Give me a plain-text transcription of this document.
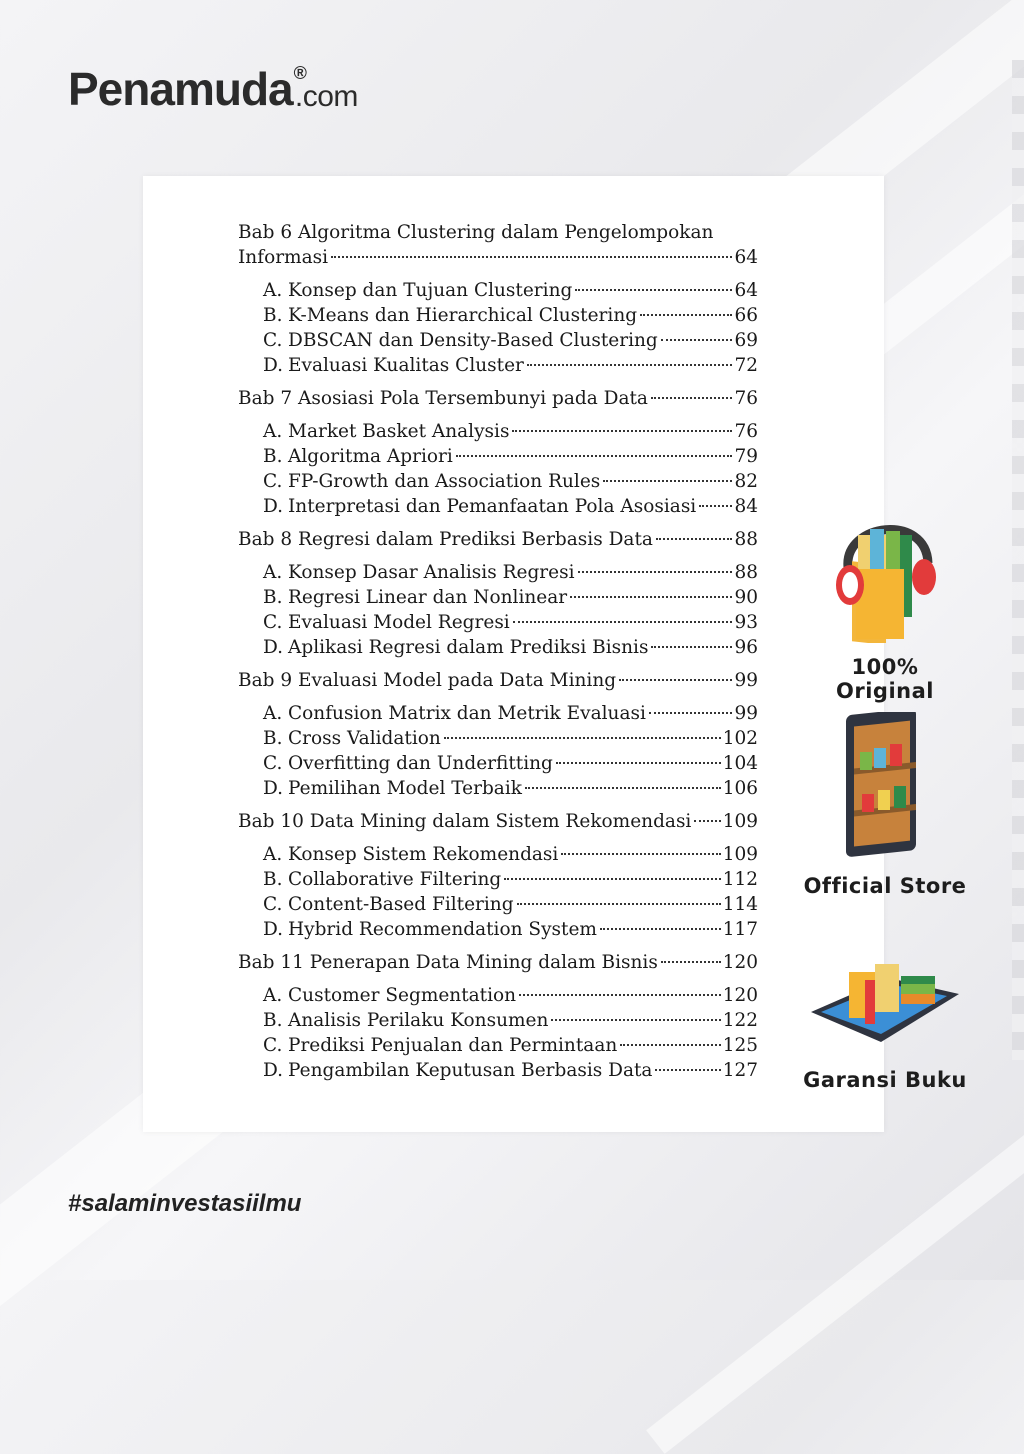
Penamuda ®
.com
Bab 6 Algoritma Clustering dalam Pengelompokan
Informasi	64
A. Konsep dan Tujuan Clustering	64
B. K-Means dan Hierarchical Clustering	66
C. DBSCAN dan Density-Based Clustering	69
D. Evaluasi Kualitas Cluster	72
Bab 7 Asosiasi Pola Tersembunyi pada Data	76
A. Market Basket Analysis	76
B. Algoritma Apriori	79
C. FP-Growth dan Association Rules	82
D. Interpretasi dan Pemanfaatan Pola Asosiasi 84
Bab 8 Regresi dalam Prediksi Berbasis Data	88
A. Konsep Dasar Analisis Regresi	88
B. Regresi Linear dan Nonlinear	90
C. Evaluasi Model Regresi	93
D. Aplikasi Regresi dalam Prediksi Bisnis	96
Bab 9 Evaluasi Model pada Data Mining	99
A. Confusion Matrix dan Metrik Evaluasi	99
B. Cross Validation	102
C. Overfitting dan Underfitting	104
D. Pemilihan Model Terbaik	106
Bab 10 Data Mining dalam Sistem Rekomendasi 109
A. Konsep Sistem Rekomendasi	109
B. Collaborative Filtering	112
C. Content-Based Filtering	114
D. Hybrid Recommendation System	117
Bab 11 Penerapan Data Mining dalam Bisnis	120
A. Customer Segmentation	120
B. Analisis Perilaku Konsumen	122
C. Prediksi Penjualan dan Permintaan	125
D. Pengambilan Keputusan Berbasis Data	127
100% Original
Official Store
Garansi Buku
#salaminvestasiilmu
